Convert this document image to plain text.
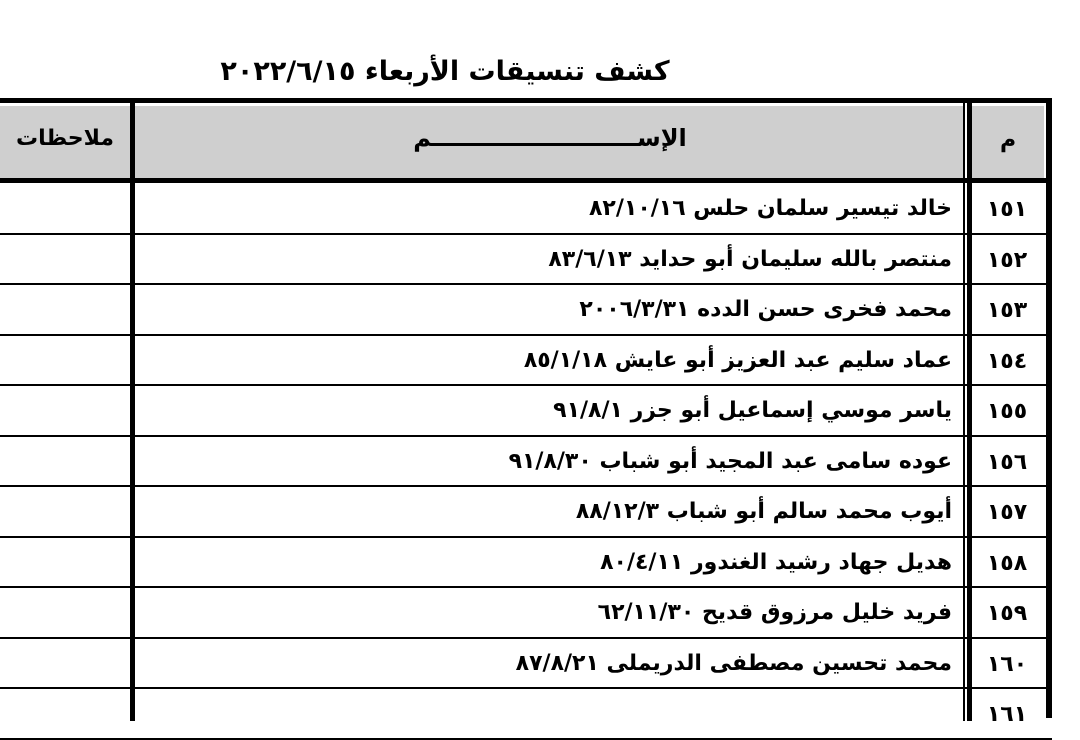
كشف تنسيقات الأربعاء ٢٠٢٢/٦/١٥
ملاحظات	الإســـــــــــــــــــــــــم	م
١٥١
خالد تيسير سلمان حلس ٨٢/١٠/١٦
١٥٢
منتصر بالله سليمان أبو حدايد ٨٣/٦/١٣
١٥٣
محمد فخرى حسن الدده ٢٠٠٦/٣/٣١
١٥٤
عماد سليم عبد العزيز أبو عايش ٨٥/١/١٨
١٥٥
ياسر موسي إسماعيل أبو جزر ٩١/٨/١
١٥٦
عوده سامى عبد المجيد أبو شباب ٩١/٨/٣٠
١٥٧
أيوب محمد سالم أبو شباب ٨٨/١٢/٣
١٥٨
هديل جهاد رشيد الغندور ٨٠/٤/١١
١٥٩
فريد خليل مرزوق قديح ٦٢/١١/٣٠
١٦٠
محمد تحسين مصطفى الدريملى ٨٧/٨/٢١
١٦١
